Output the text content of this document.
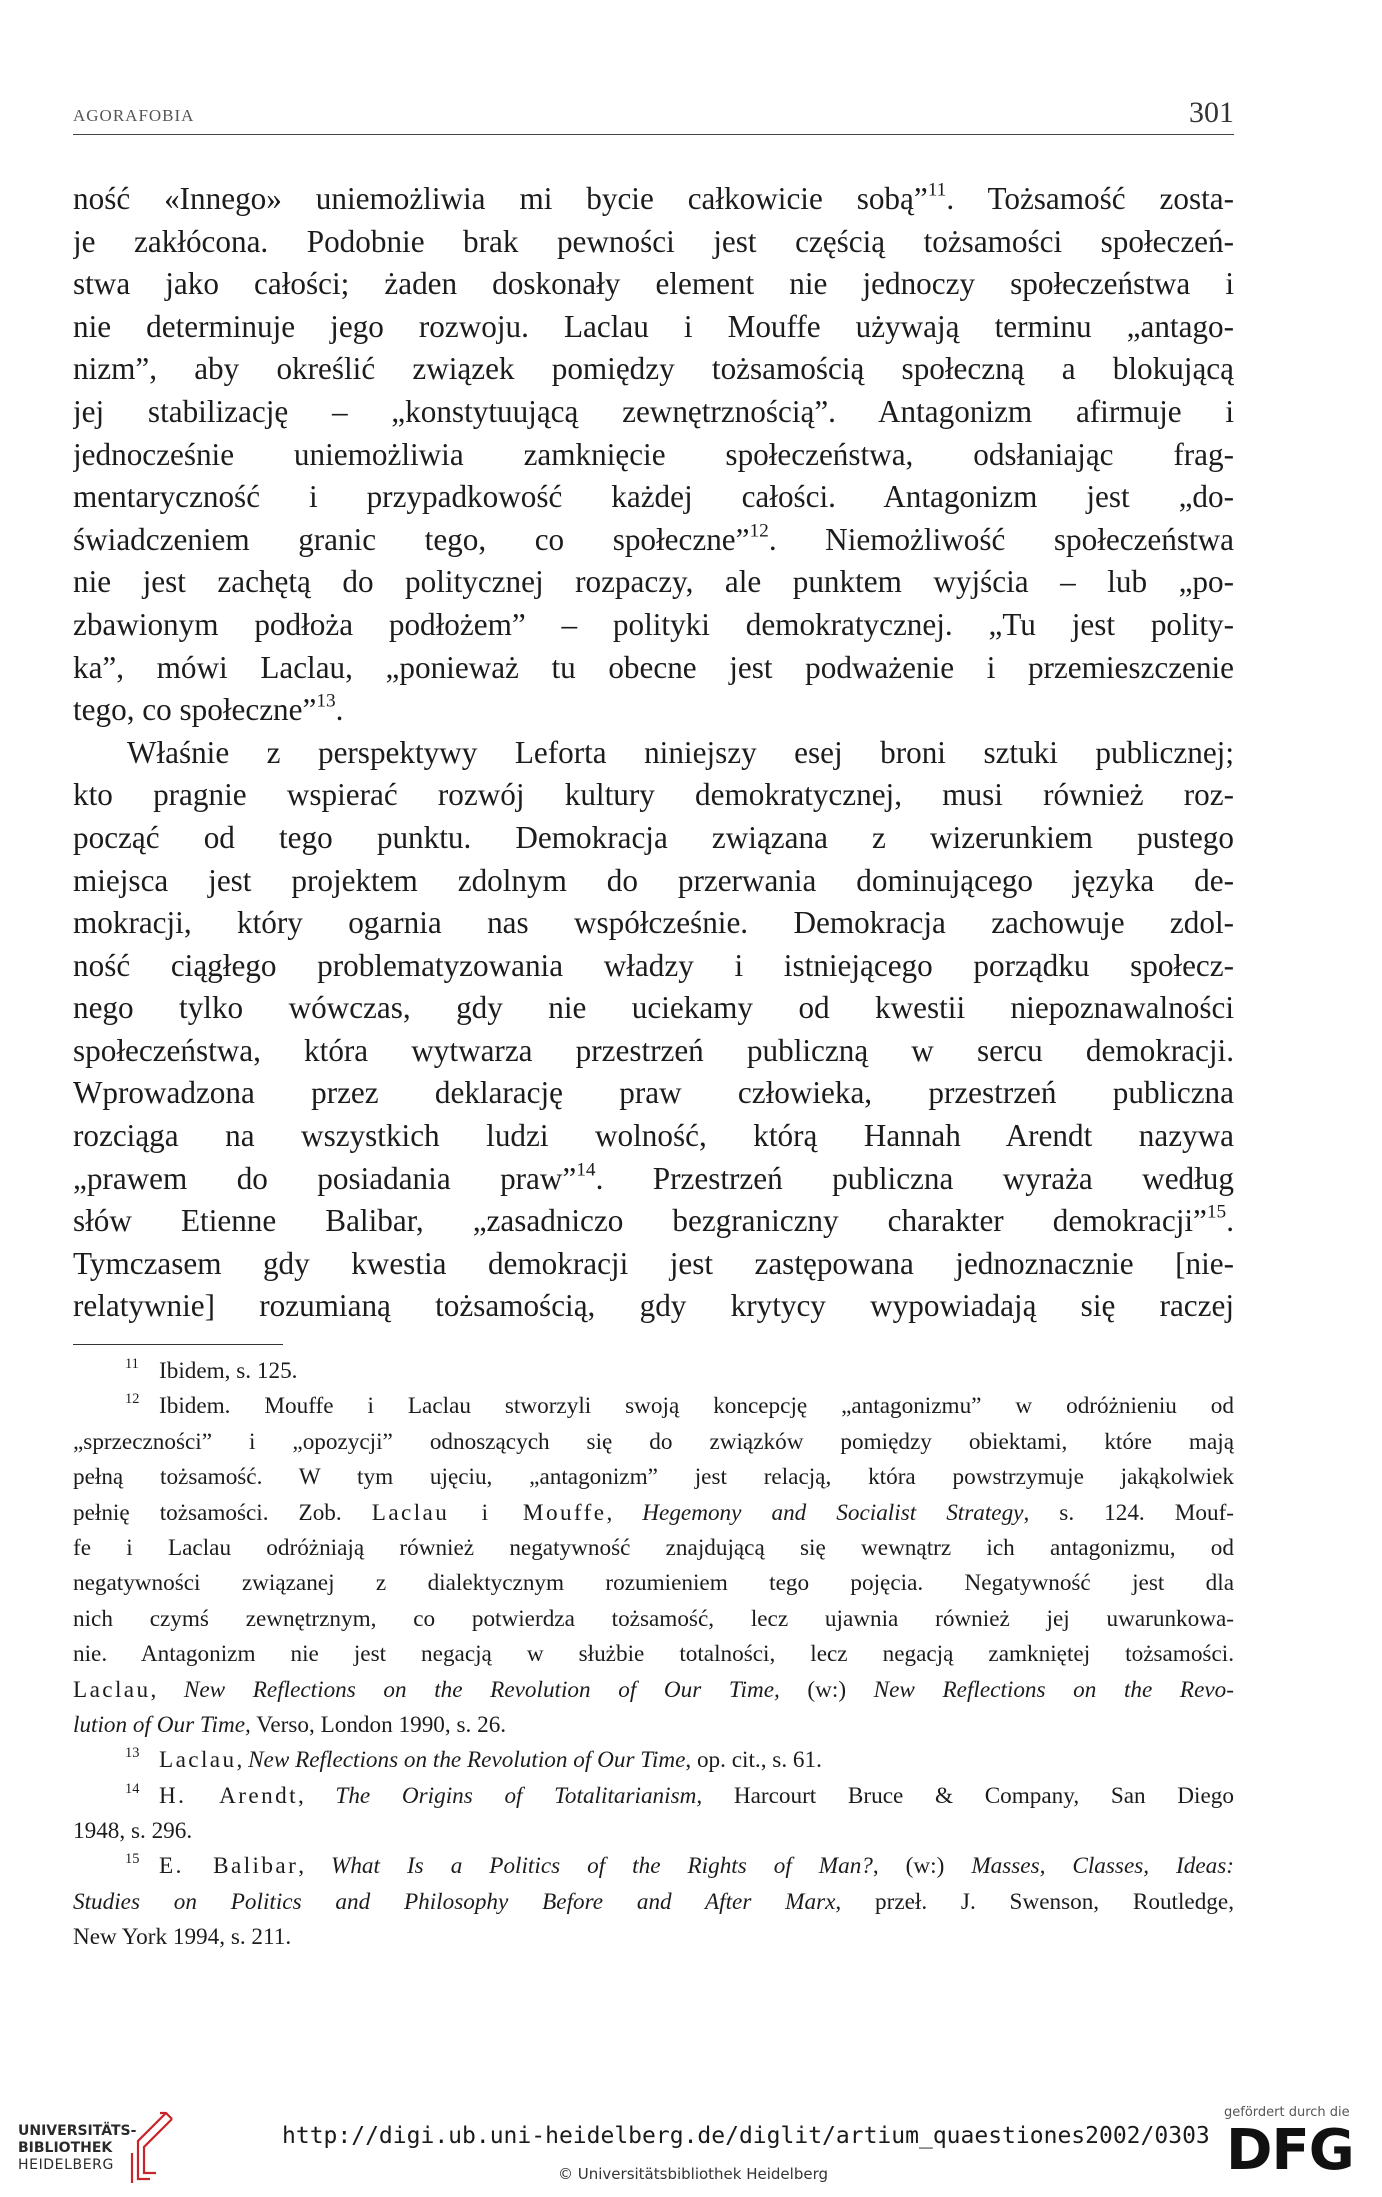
AGORAFOBIA	301
ność «Innego» uniemożliwia mi bycie całkowicie sobą”$^{11}$. Tożsamość zosta-
je zakłócona. Podobnie brak pewności jest częścią tożsamości społeczeń-
stwa jako całości; żaden doskonały element nie jednoczy społeczeństwa i
nie determinuje jego rozwoju. Laclau i Mouffe używają terminu „antago-
nizm”, aby określić związek pomiędzy tożsamością społeczną a blokującą
jej stabilizację – „konstytuującą zewnętrznością”. Antagonizm afirmuje i
jednocześnie uniemożliwia zamknięcie społeczeństwa, odsłaniając frag-
mentaryczność i przypadkowość każdej całości. Antagonizm jest „do-
świadczeniem granic tego, co społeczne”$^{12}$. Niemożliwość społeczeństwa
nie jest zachętą do politycznej rozpaczy, ale punktem wyjścia – lub „po-
zbawionym podłoża podłożem” – polityki demokratycznej. „Tu jest polity-
ka”, mówi Laclau, „ponieważ tu obecne jest podważenie i przemieszczenie
tego, co społeczne”$^{13}$.
Właśnie z perspektywy Leforta niniejszy esej broni sztuki publicznej;
kto pragnie wspierać rozwój kultury demokratycznej, musi również roz-
począć od tego punktu. Demokracja związana z wizerunkiem pustego
miejsca jest projektem zdolnym do przerwania dominującego języka de-
mokracji, który ogarnia nas współcześnie. Demokracja zachowuje zdol-
ność ciągłego problematyzowania władzy i istniejącego porządku społecz-
nego tylko wówczas, gdy nie uciekamy od kwestii niepoznawalności
społeczeństwa, która wytwarza przestrzeń publiczną w sercu demokracji.
Wprowadzona przez deklarację praw człowieka, przestrzeń publiczna
rozciąga na wszystkich ludzi wolność, którą Hannah Arendt nazywa
„prawem do posiadania praw”$^{14}$. Przestrzeń publiczna wyraża według
słów Etienne Balibar, „zasadniczo bezgraniczny charakter demokracji”$^{15}$.
Tymczasem gdy kwestia demokracji jest zastępowana jednoznacznie [nie-
relatywnie] rozumianą tożsamością, gdy krytycy wypowiadają się raczej
$^{11}$ Ibidem, s. 125.
$^{12}$ Ibidem. Mouffe i Laclau stworzyli swoją koncepcję „antagonizmu” w odróżnieniu od
„sprzeczności” i „opozycji” odnoszących się do związków pomiędzy obiektami, które mają
pełną tożsamość. W tym ujęciu, „antagonizm” jest relacją, która powstrzymuje jakąkolwiek
pełnię tożsamości. Zob. Laclau i Mouffe, Hegemony and Socialist Strategy, s. 124. Mouf-
fe i Laclau odróżniają również negatywność znajdującą się wewnątrz ich antagonizmu, od
negatywności związanej z dialektycznym rozumieniem tego pojęcia. Negatywność jest dla
nich czymś zewnętrznym, co potwierdza tożsamość, lecz ujawnia również jej uwarunkowa-
nie. Antagonizm nie jest negacją w służbie totalności, lecz negacją zamkniętej tożsamości.
Laclau, New Reflections on the Revolution of Our Time, (w:) New Reflections on the Revo-
lution of Our Time, Verso, London 1990, s. 26.
$^{13}$ Laclau, New Reflections on the Revolution of Our Time, op. cit., s. 61.
$^{14}$ H. Arendt, The Origins of Totalitarianism, Harcourt Bruce & Company, San Diego
1948, s. 296.
$^{15}$ E. Balibar, What Is a Politics of the Rights of Man?, (w:) Masses, Classes, Ideas:
Studies on Politics and Philosophy Before and After Marx, przeł. J. Swenson, Routledge,
New York 1994, s. 211.
UNIVERSITÄTS-
BIBLIOTHEK
HEIDELBERG
http://digi.ub.uni-heidelberg.de/diglit/artium_quaestiones2002/0303
© Universitätsbibliothek Heidelberg
gefördert durch die
DFG
